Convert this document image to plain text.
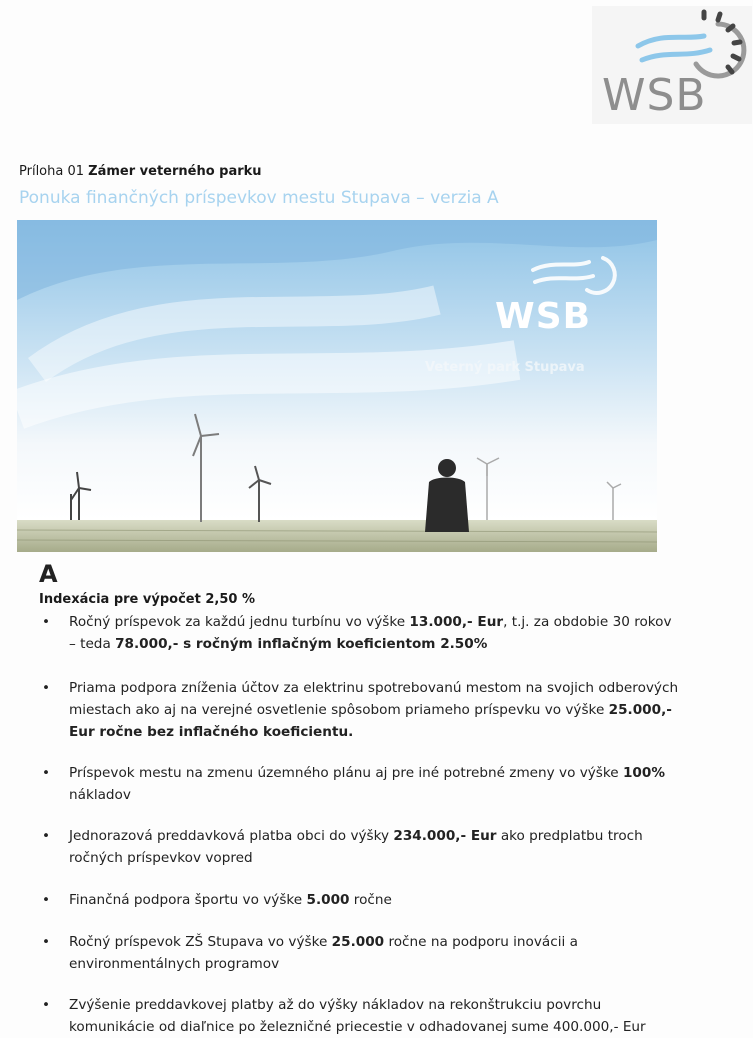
WSB
Príloha 01 Zámer veterného parku
Ponuka finančných príspevkov mestu Stupava – verzia A
WSB
Veterný park Stupava
A
Indexácia pre výpočet 2,50 %
• Ročný príspevok za každú jednu turbínu vo výške 13.000,- Eur, t.j. za obdobie 30 rokov – teda 78.000,- s ročným inflačným koeficientom 2.50%
• Priama podpora zníženia účtov za elektrinu spotrebovanú mestom na svojich odberových miestach ako aj na verejné osvetlenie spôsobom priameho príspevku vo výške 25.000,- Eur ročne bez inflačného koeficientu.
• Príspevok mestu na zmenu územného plánu aj pre iné potrebné zmeny vo výške 100% nákladov
• Jednorazová preddavková platba obci do výšky 234.000,- Eur ako predplatbu troch ročných príspevkov vopred
• Finančná podpora športu vo výške 5.000 ročne
• Ročný príspevok ZŠ Stupava vo výške 25.000 ročne na podporu inovácii a environmentálnych programov
• Zvýšenie preddavkovej platby až do výšky nákladov na rekonštrukciu povrchu komunikácie od diaľnice po železničné priecestie v odhadovanej sume 400.000,- Eur
